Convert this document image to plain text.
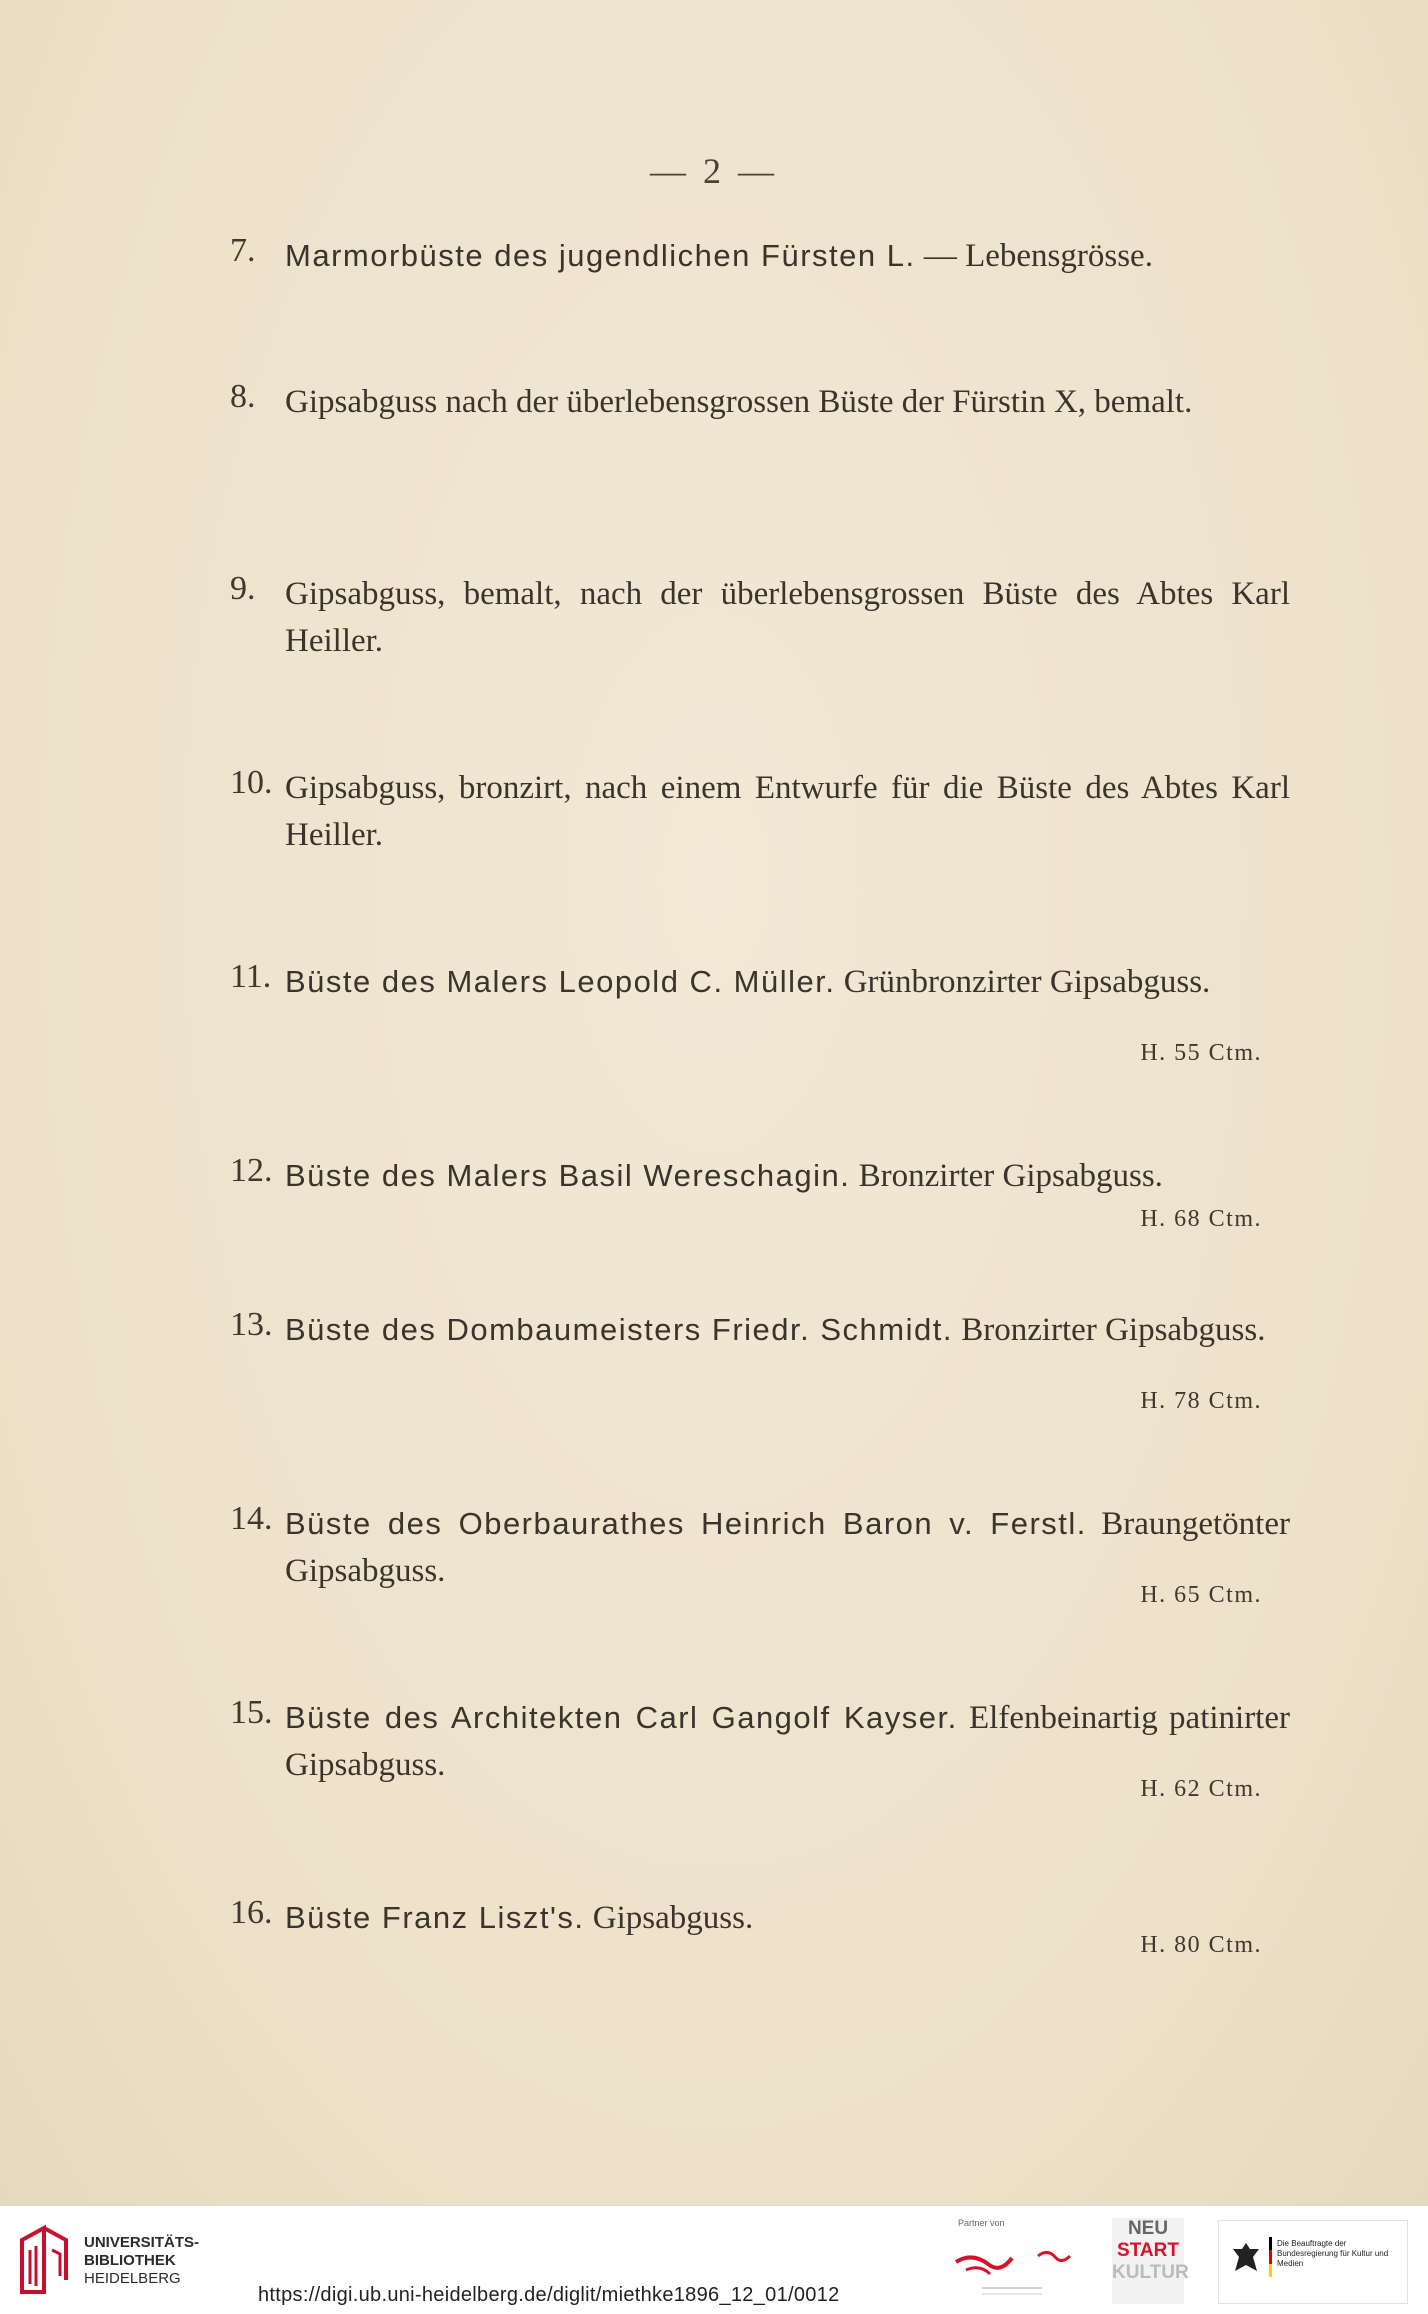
— 2 —
7. Marmorbüste des jugendlichen Fürsten L. — Lebensgrösse.
8. Gipsabguss nach der überlebensgrossen Büste der Fürstin X, bemalt.
9. Gipsabguss, bemalt, nach der überlebensgrossen Büste des Abtes Karl Heiller.
10. Gipsabguss, bronzirt, nach einem Entwurfe für die Büste des Abtes Karl Heiller.
11. Büste des Malers Leopold C. Müller. Grünbronzirter Gipsabguss.
H. 55 Ctm.
12. Büste des Malers Basil Wereschagin. Bronzirter Gipsabguss.
H. 68 Ctm.
13. Büste des Dombaumeisters Friedr. Schmidt. Bronzirter Gipsabguss.
H. 78 Ctm.
14. Büste des Oberbaurathes Heinrich Baron v. Ferstl. Braungetönter Gipsabguss.
H. 65 Ctm.
15. Büste des Architekten Carl Gangolf Kayser. Elfenbeinartig patinirter Gipsabguss.
H. 62 Ctm.
16. Büste Franz Liszt's. Gipsabguss.
H. 80 Ctm.
UNIVERSITÄTS-
BIBLIOTHEK
HEIDELBERG
https://digi.ub.uni-heidelberg.de/diglit/miethke1896_12_01/0012
Partner von	NEU
START
KULTUR
Die Beauftragte der Bundesregierung für Kultur und Medien
